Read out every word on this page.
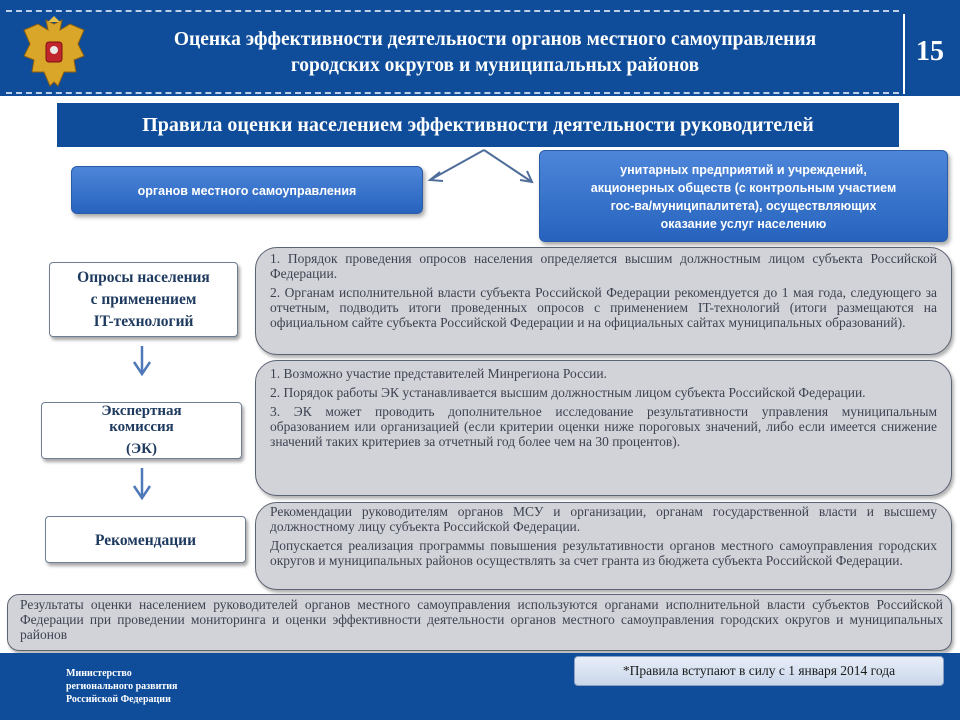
Оценка эффективности деятельности органов местного самоуправления
городских округов и муниципальных районов	15
Правила оценки населением эффективности деятельности руководителей
органов местного самоуправления
унитарных предприятий и учреждений,
акционерных обществ (с контрольным участием
гос-ва/муниципалитета), осуществляющих
оказание услуг населению
Опросы населения
с применением
IT-технологий
Экспертная
комиссия
(ЭК)
Рекомендации

1. Порядок проведения опросов населения определяется высшим должностным лицом субъекта Российской Федерации.

2. Органам исполнительной власти субъекта Российской Федерации рекомендуется до 1 мая года, следующего за отчетным, подводить итоги проведенных опросов с применением IT-технологий (итоги размещаются на официальном сайте субъекта Российской Федерации и на официальных сайтах муниципальных образований).

1. Возможно участие представителей Минрегиона России.

2. Порядок работы ЭК устанавливается высшим должностным лицом субъекта Российской Федерации.

3. ЭК может проводить дополнительное исследование результативности управления муниципальным образованием или организацией (если критерии оценки ниже пороговых значений, либо если имеется снижение значений таких критериев за отчетный год более чем на 30 процентов).

Рекомендации руководителям органов МСУ и организации, органам государственной власти и высшему должностному лицу субъекта Российской Федерации.

Допускается реализация программы повышения результативности органов местного самоуправления городских округов и муниципальных районов осуществлять за счет гранта из бюджета субъекта Российской Федерации.

Результаты оценки населением руководителей органов местного самоуправления используются органами исполнительной власти субъектов Российской Федерации при проведении мониторинга и оценки эффективности деятельности органов местного самоуправления городских округов и муниципальных районов

Министерство
регионального развития
Российской Федерации
*Правила вступают в силу с 1 января 2014 года
